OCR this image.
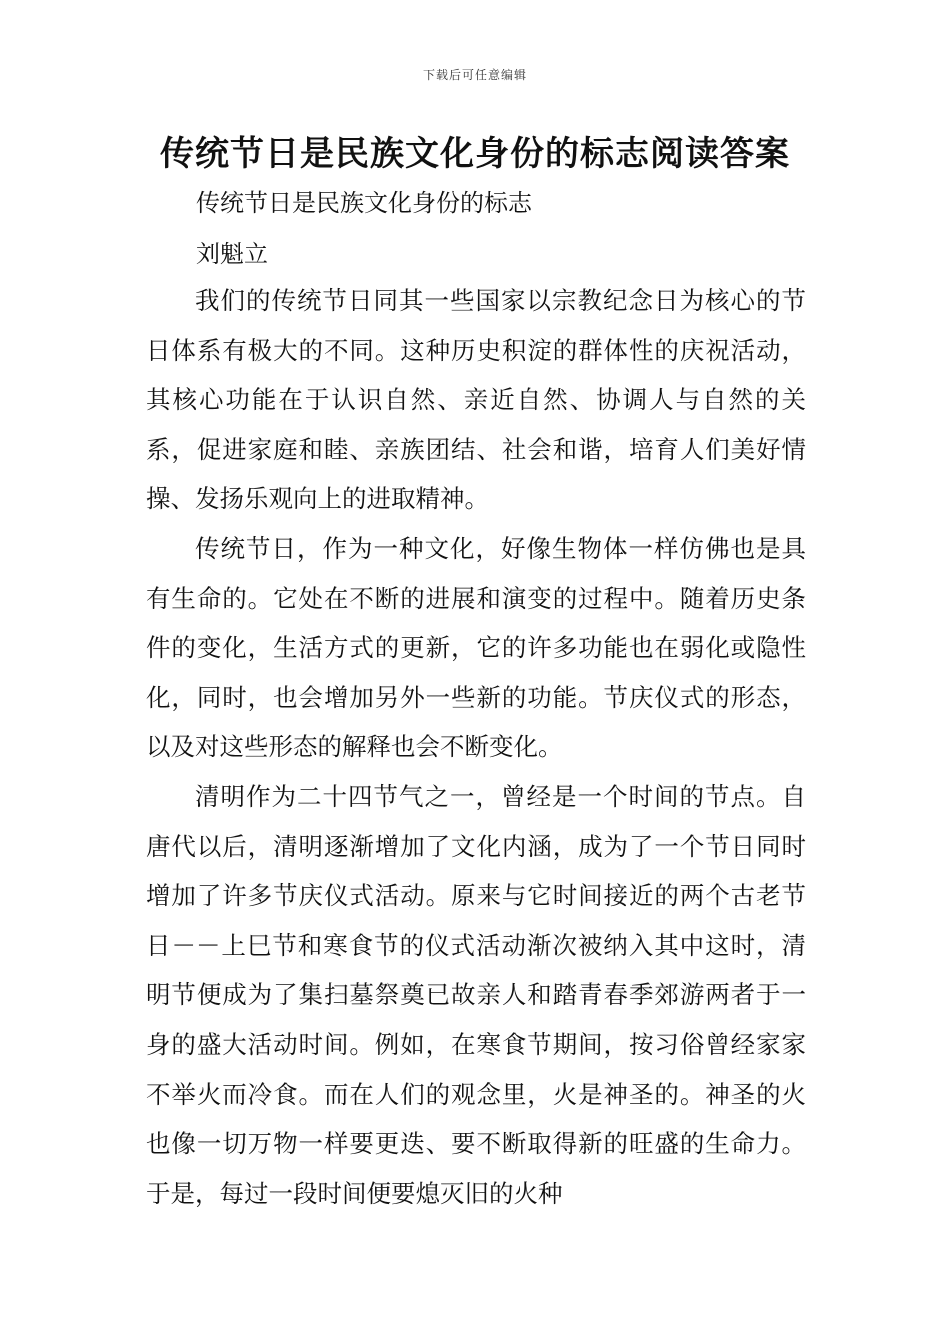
下载后可任意编辑
传统节日是民族文化身份的标志阅读答案

传统节日是民族文化身份的标志

刘魁立

我们的传统节日同其一些国家以宗教纪念日为核心的节日体系有极大的不同。这种历史积淀的群体性的庆祝活动，其核心功能在于认识自然、亲近自然、协调人与自然的关系，促进家庭和睦、亲族团结、社会和谐，培育人们美好情操、发扬乐观向上的进取精神。

传统节日，作为一种文化，好像生物体一样仿佛也是具有生命的。它处在不断的进展和演变的过程中。随着历史条件的变化，生活方式的更新，它的许多功能也在弱化或隐性化，同时，也会增加另外一些新的功能。节庆仪式的形态，以及对这些形态的解释也会不断变化。

清明作为二十四节气之一，曾经是一个时间的节点。自唐代以后，清明逐渐增加了文化内涵，成为了一个节日同时增加了许多节庆仪式活动。原来与它时间接近的两个古老节日－－上巳节和寒食节的仪式活动渐次被纳入其中这时，清明节便成为了集扫墓祭奠已故亲人和踏青春季郊游两者于一身的盛大活动时间。例如，在寒食节期间，按习俗曾经家家不举火而冷食。而在人们的观念里，火是神圣的。神圣的火也像一切万物一样要更迭、要不断取得新的旺盛的生命力。于是，每过一段时间便要熄灭旧的火种
